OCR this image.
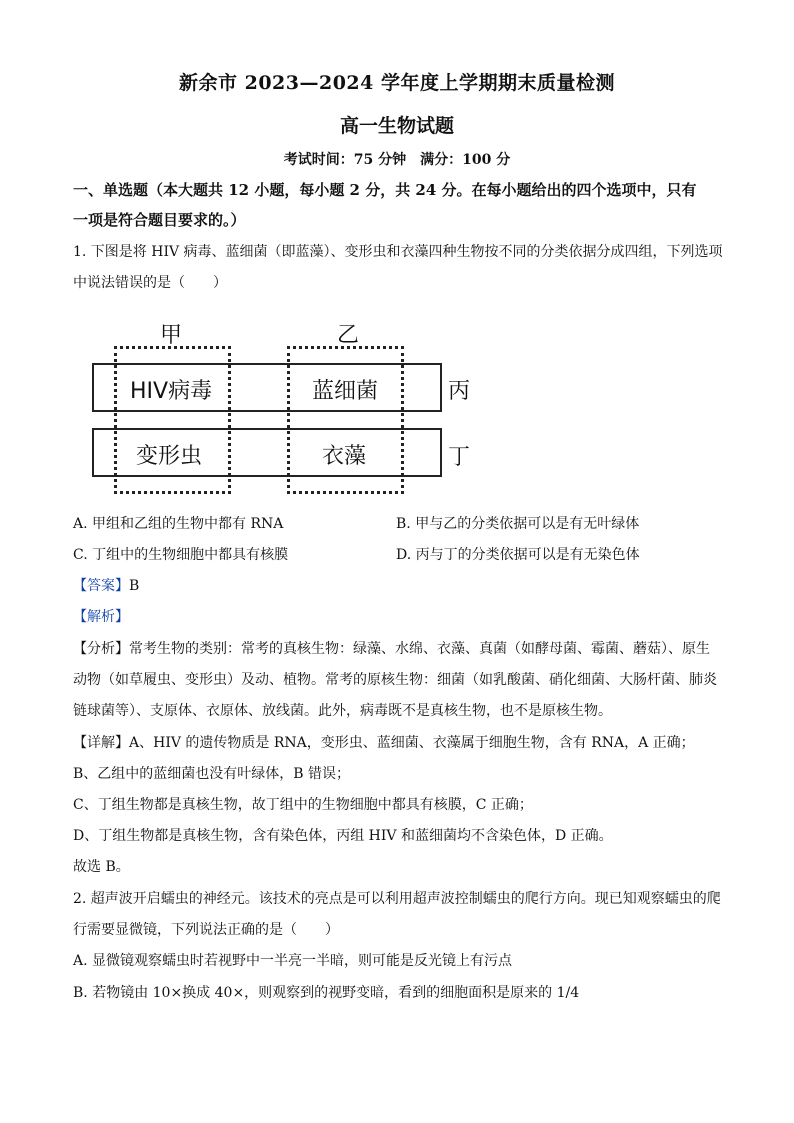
新余市 2023—2024 学年度上学期期末质量检测
高一生物试题
考试时间：75 分钟　满分：100 分
一、单选题（本大题共 12 小题，每小题 2 分，共 24 分。在每小题给出的四个选项中，只有
一项是符合题目要求的。）
1. 下图是将 HIV 病毒、蓝细菌（即蓝藻）、变形虫和衣藻四种生物按不同的分类依据分成四组，下列选项
中说法错误的是（　　）
甲	乙
HIV病毒	蓝细菌
变形虫	衣藻
丙
丁
A. 甲组和乙组的生物中都有 RNA	B. 甲与乙的分类依据可以是有无叶绿体
C. 丁组中的生物细胞中都具有核膜	D. 丙与丁的分类依据可以是有无染色体
【答案】B
【解析】
【分析】常考生物的类别：常考的真核生物：绿藻、水绵、衣藻、真菌（如酵母菌、霉菌、蘑菇）、原生
动物（如草履虫、变形虫）及动、植物。常考的原核生物：细菌（如乳酸菌、硝化细菌、大肠杆菌、肺炎
链球菌等）、支原体、衣原体、放线菌。此外，病毒既不是真核生物，也不是原核生物。
【详解】A、HIV 的遗传物质是 RNA，变形虫、蓝细菌、衣藻属于细胞生物，含有 RNA，A 正确；
B、乙组中的蓝细菌也没有叶绿体，B 错误；
C、丁组生物都是真核生物，故丁组中的生物细胞中都具有核膜，C 正确；
D、丁组生物都是真核生物，含有染色体，丙组 HIV 和蓝细菌均不含染色体，D 正确。
故选 B。
2. 超声波开启蠕虫的神经元。该技术的亮点是可以利用超声波控制蠕虫的爬行方向。现已知观察蠕虫的爬
行需要显微镜，下列说法正确的是（　　）
A. 显微镜观察蠕虫时若视野中一半亮一半暗，则可能是反光镜上有污点
B. 若物镜由 10×换成 40×，则观察到的视野变暗，看到的细胞面积是原来的 1/4
